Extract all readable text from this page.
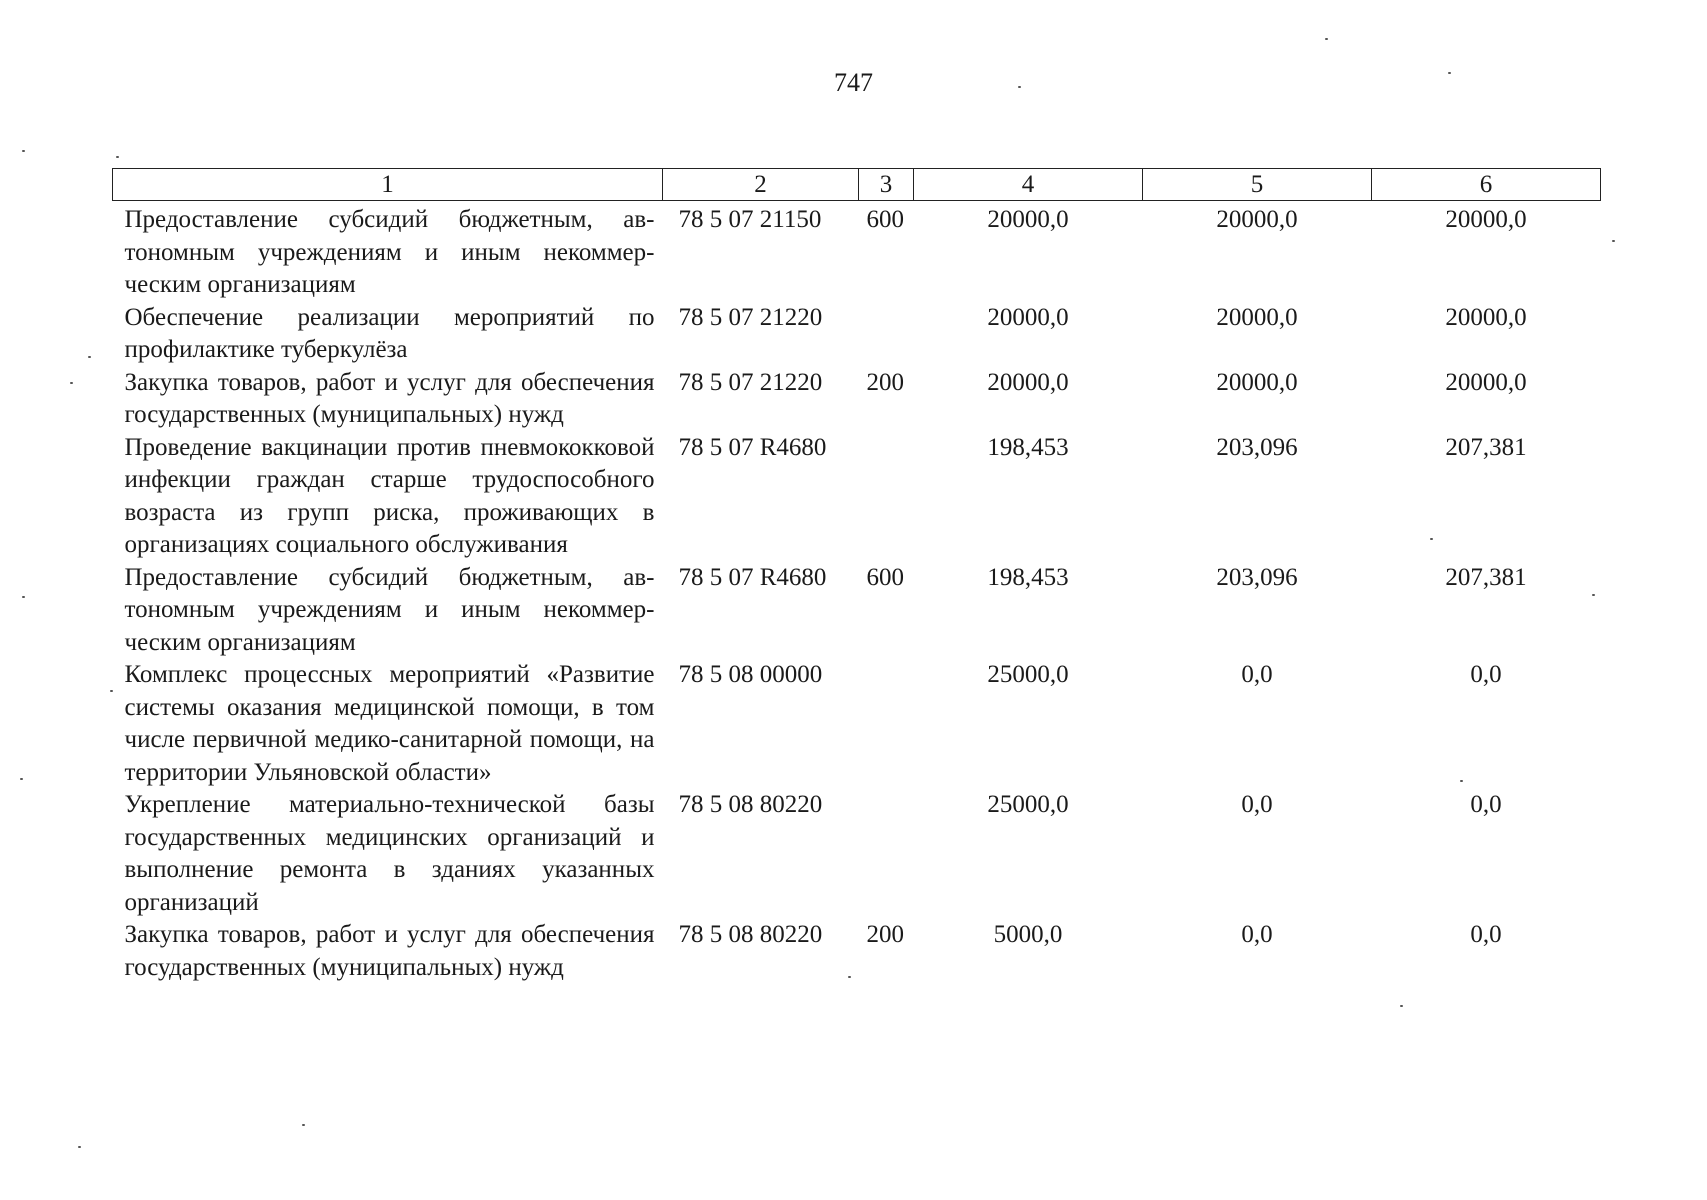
747
1	2	3	4	5	6
Предоставление субсидий бюджетным, автономным учреждениям и иным некоммерческим организациям	78 5 07 21150	600	20000,0	20000,0	20000,0
Обеспечение реализации мероприятий по профилактике туберкулёза	78 5 07 21220		20000,0	20000,0	20000,0
Закупка товаров, работ и услуг для обеспечения государственных (муниципальных) нужд	78 5 07 21220	200	20000,0	20000,0	20000,0
Проведение вакцинации против пневмококковой инфекции граждан старше трудоспособного возраста из групп риска, проживающих в организациях социального обслуживания	78 5 07 R4680		198,453	203,096	207,381
Предоставление субсидий бюджетным, автономным учреждениям и иным некоммерческим организациям	78 5 07 R4680	600	198,453	203,096	207,381
Комплекс процессных мероприятий «Развитие системы оказания медицинской помощи, в том числе первичной медико-санитарной помощи, на территории Ульяновской области»	78 5 08 00000		25000,0	0,0	0,0
Укрепление материально-технической базы государственных медицинских организаций и выполнение ремонта в зданиях указанных организаций	78 5 08 80220		25000,0	0,0	0,0
Закупка товаров, работ и услуг для обеспечения государственных (муниципальных) нужд	78 5 08 80220	200	5000,0	0,0	0,0
